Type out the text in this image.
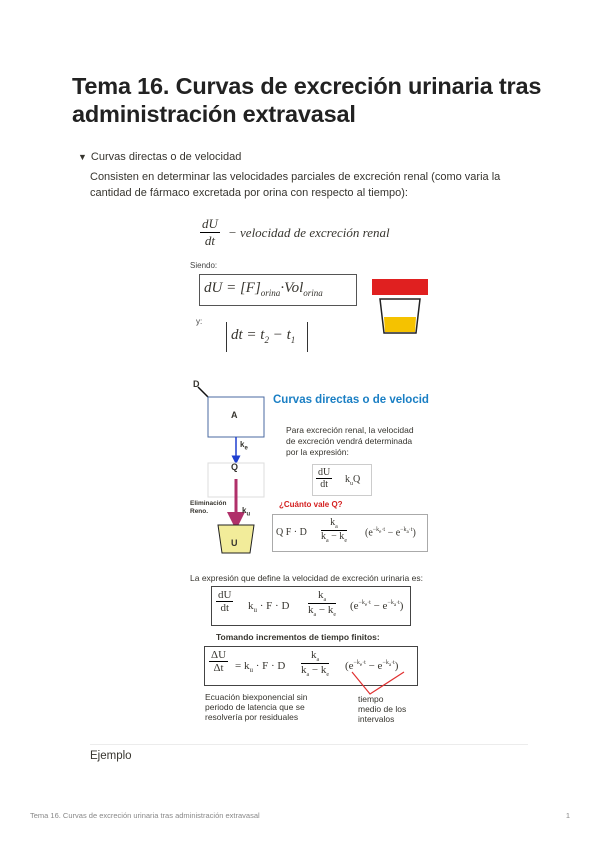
Tema 16. Curvas de excreción urinaria tras administración extravasal
▼ Curvas directas o de velocidad

Consisten en determinar las velocidades parciales de excreción renal (como varia la cantidad de fármaco excretada por orina con respecto al tiempo):

$\frac{dU}{dt}$ − velocidad de excreción renal
Siendo:
dU = $[F]_{orina}\cdot Vol_{orina}$
y:
dt = $t_2 - t_1$
D
A
$k_e$
Q
$k_u$
U
Eliminación Reno.
Curvas directas o de velocid
Para excreción renal, la velocidad
de excreción vendrá determinada
por la expresión:
$\frac{dU}{dt} k_uQ$
¿Cuánto vale Q?
Q F · D $\frac{k_a}{k_a - k_e} (e^{-k_e\cdot t} - e^{-k_a\cdot t})$
La expresión que define la velocidad de excreción urinaria es:
$\frac{dU}{dt} k_u \cdot F \cdot D \frac{k_a}{k_a - k_e} (e^{-k_e\cdot t} - e^{-k_a\cdot t})$
Tomando incrementos de tiempo finitos:
$\frac{\Delta U}{\Delta t} = k_u \cdot F \cdot D \frac{k_a}{k_a - k_e} (e^{-k_e\cdot t} - e^{-k_a\cdot t})$
Ecuación biexponencial sin
periodo de latencia que se
resolvería por residuales
tiempo
medio de los
intervalos
Ejemplo
Tema 16. Curvas de excreción urinaria tras administración extravasal	1
